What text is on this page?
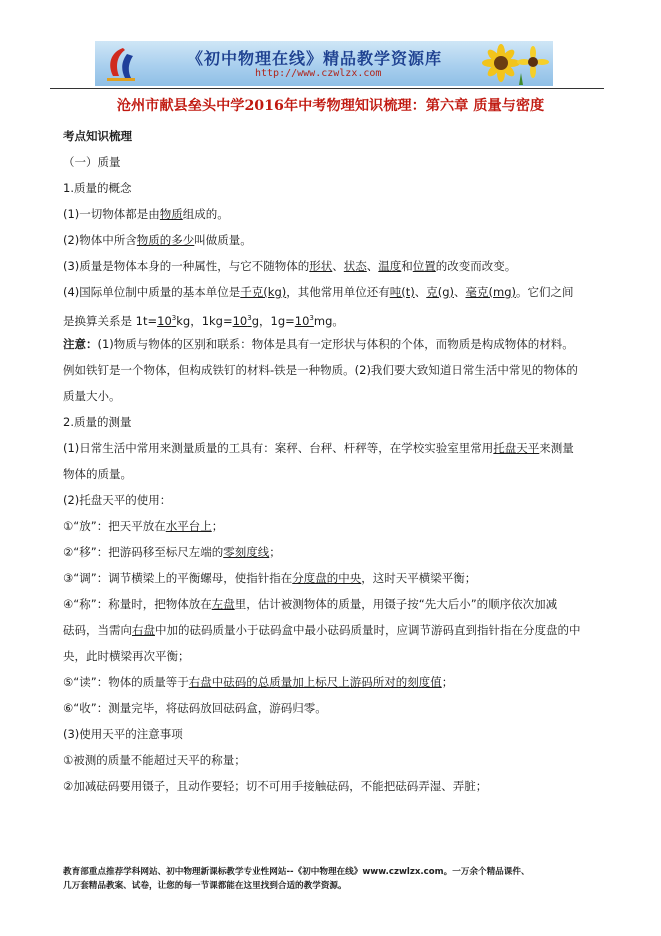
《初中物理在线》精品教学资源库
http://www.czwlzx.com
沧州市献县垒头中学2016年中考物理知识梳理：第六章 质量与密度
考点知识梳理
（一）质量
1.质量的概念
(1)一切物体都是由物质组成的。
(2)物体中所含物质的多少叫做质量。
(3)质量是物体本身的一种属性，与它不随物体的形状、状态、温度和位置的改变而改变。
(4)国际单位制中质量的基本单位是千克(kg)，其他常用单位还有吨(t)、克(g)、毫克(mg)。它们之间
是换算关系是 $1t=10^3kg$，$1kg=10^3g$，$1g=10^3mg$。
注意：(1)物质与物体的区别和联系：物体是具有一定形状与体积的个体，而物质是构成物体的材料。
例如铁钉是一个物体，但构成铁钉的材料-铁是一种物质。(2)我们要大致知道日常生活中常见的物体的
质量大小。
2.质量的测量
(1)日常生活中常用来测量质量的工具有：案秤、台秤、杆秤等，在学校实验室里常用托盘天平来测量
物体的质量。
(2)托盘天平的使用：
①“放”：把天平放在水平台上；
②“移”：把游码移至标尺左端的零刻度线；
③“调”：调节横梁上的平衡螺母，使指针指在分度盘的中央，这时天平横梁平衡；
④“称”：称量时，把物体放在左盘里，估计被测物体的质量，用镊子按“先大后小”的顺序依次加减
砝码，当需向右盘中加的砝码质量小于砝码盒中最小砝码质量时，应调节游码直到指针指在分度盘的中
央，此时横梁再次平衡；
⑤“读”：物体的质量等于右盘中砝码的总质量加上标尺上游码所对的刻度值；
⑥“收”：测量完毕，将砝码放回砝码盒，游码归零。
(3)使用天平的注意事项
①被测的质量不能超过天平的称量；
②加减砝码要用镊子，且动作要轻；切不可用手接触砝码，不能把砝码弄湿、弄脏；
教育部重点推荐学科网站、初中物理新课标教学专业性网站--《初中物理在线》www.czwlzx.com。一万余个精品课件、
几万套精品教案、试卷，让您的每一节课都能在这里找到合适的教学资源。
